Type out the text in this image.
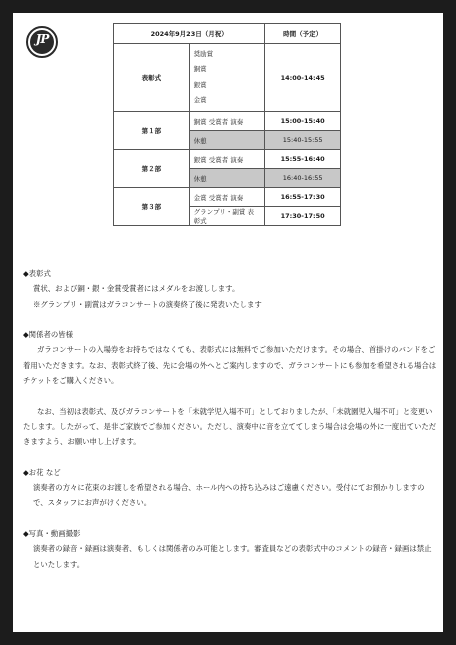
JP	2024年9月23日（月祝）		時間（予定）
表彰式	奨励賞
銅賞
銀賞
金賞	14:00-14:45
第１部	銅賞 受賞者 演奏	15:00-15:40
	休憩	15:40-15:55
第２部	銀賞 受賞者 演奏	15:55-16:40
	休憩	16:40-16:55
第３部	金賞 受賞者 演奏	16:55-17:30
	グランプリ・副賞 表彰式	17:30-17:50

◆表彰式

賞状、および銅・銀・金賞受賞者にはメダルをお渡しします。

※グランプリ・副賞はガラコンサートの演奏終了後に発表いたします

◆関係者の皆様

ガラコンサートの入場券をお持ちではなくても、表彰式には無料でご参加いただけます。その場合、首掛けのバンドをご着用いただきます。なお、表彰式終了後、先に会場の外へとご案内しますので、ガラコンサートにも参加を希望される場合はチケットをご購入ください。

なお、当初は表彰式、及びガラコンサートを「未就学児入場不可」としておりましたが、「未就園児入場不可」と変更いたします。したがって、是非ご家族でご参加ください。ただし、演奏中に音を立ててしまう場合は会場の外に一度出ていただきますよう、お願い申し上げます。

◆お花 など

演奏者の方々に花束のお渡しを希望される場合、ホール内への持ち込みはご遠慮ください。受付にてお預かりしますので、スタッフにお声がけください。

◆写真・動画撮影

演奏者の録音・録画は演奏者、もしくは関係者のみ可能とします。審査員などの表彰式中のコメントの録音・録画は禁止といたします。
